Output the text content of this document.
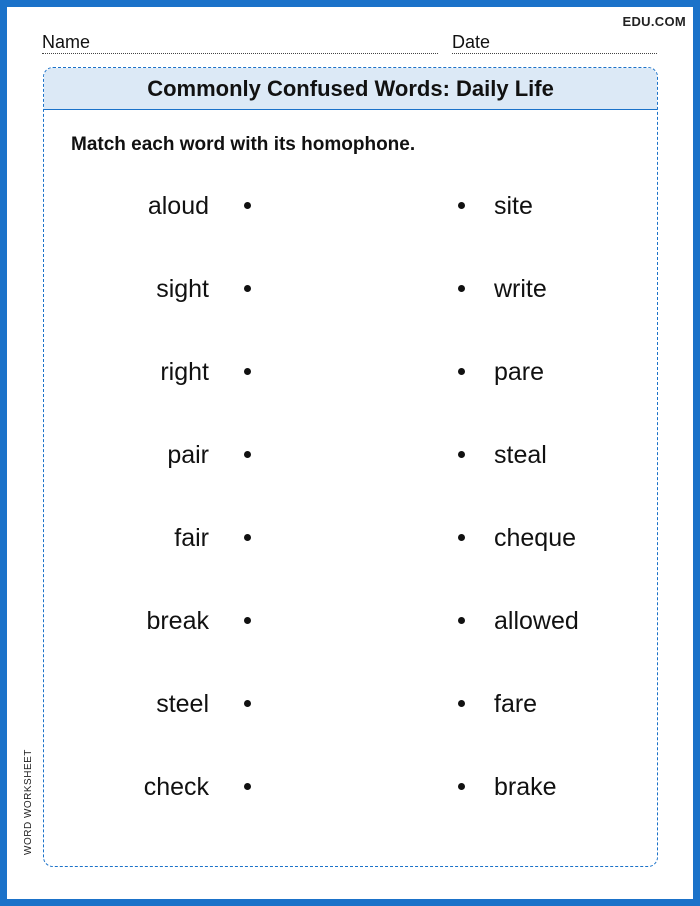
EDU.COM
Name	Date
Commonly Confused Words: Daily Life
Match each word with its homophone.
aloud	site
sight	write
right	pare
pair	steal
fair	cheque
break	allowed
steel	fare
check	brake
WORD WORKSHEET
